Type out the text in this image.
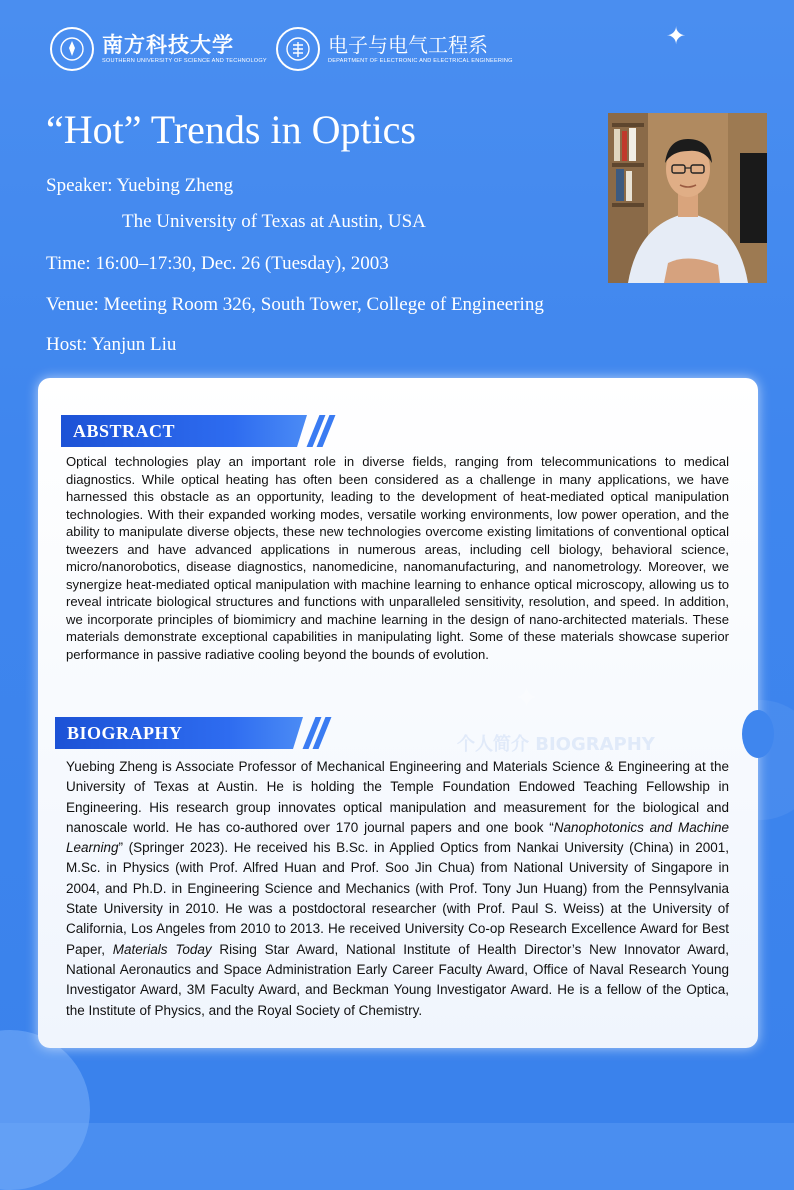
✦
南方科技大学
SOUTHERN UNIVERSITY OF SCIENCE AND TECHNOLOGY
电子与电气工程系
DEPARTMENT OF ELECTRONIC AND ELECTRICAL ENGINEERING
“Hot” Trends in Optics
Speaker: Yuebing Zheng
The University of Texas at Austin, USA
Time: 16:00–17:30, Dec. 26 (Tuesday), 2003
Venue: Meeting Room 326, South Tower, College of Engineering
Host: Yanjun Liu
✦
个人简介 BIOGRAPHY
ABSTRACT

Optical technologies play an important role in diverse fields, ranging from telecommunications to medical diagnostics. While optical heating has often been considered as a challenge in many applications, we have harnessed this obstacle as an opportunity, leading to the development of heat-mediated optical manipulation technologies. With their expanded working modes, versatile working environments, low power operation, and the ability to manipulate diverse objects, these new technologies overcome existing limitations of conventional optical tweezers and have advanced applications in numerous areas, including cell biology, behavioral science, micro/nanorobotics, disease diagnostics, nanomedicine, nanomanufacturing, and nanometrology. Moreover, we synergize heat-mediated optical manipulation with machine learning to enhance optical microscopy, allowing us to reveal intricate biological structures and functions with unparalleled sensitivity, resolution, and speed. In addition, we incorporate principles of biomimicry and machine learning in the design of nano-architected materials. These materials demonstrate exceptional capabilities in manipulating light. Some of these materials showcase superior performance in passive radiative cooling beyond the bounds of evolution.

BIOGRAPHY

Yuebing Zheng is Associate Professor of Mechanical Engineering and Materials Science & Engineering at the University of Texas at Austin. He is holding the Temple Foundation Endowed Teaching Fellowship in Engineering. His research group innovates optical manipulation and measurement for the biological and nanoscale world. He has co-authored over 170 journal papers and one book “Nanophotonics and Machine Learning” (Springer 2023). He received his B.Sc. in Applied Optics from Nankai University (China) in 2001, M.Sc. in Physics (with Prof. Alfred Huan and Prof. Soo Jin Chua) from National University of Singapore in 2004, and Ph.D. in Engineering Science and Mechanics (with Prof. Tony Jun Huang) from the Pennsylvania State University in 2010. He was a postdoctoral researcher (with Prof. Paul S. Weiss) at the University of California, Los Angeles from 2010 to 2013. He received University Co-op Research Excellence Award for Best Paper, Materials Today Rising Star Award, National Institute of Health Director’s New Innovator Award, National Aeronautics and Space Administration Early Career Faculty Award, Office of Naval Research Young Investigator Award, 3M Faculty Award, and Beckman Young Investigator Award. He is a fellow of the Optica, the Institute of Physics, and the Royal Society of Chemistry.
